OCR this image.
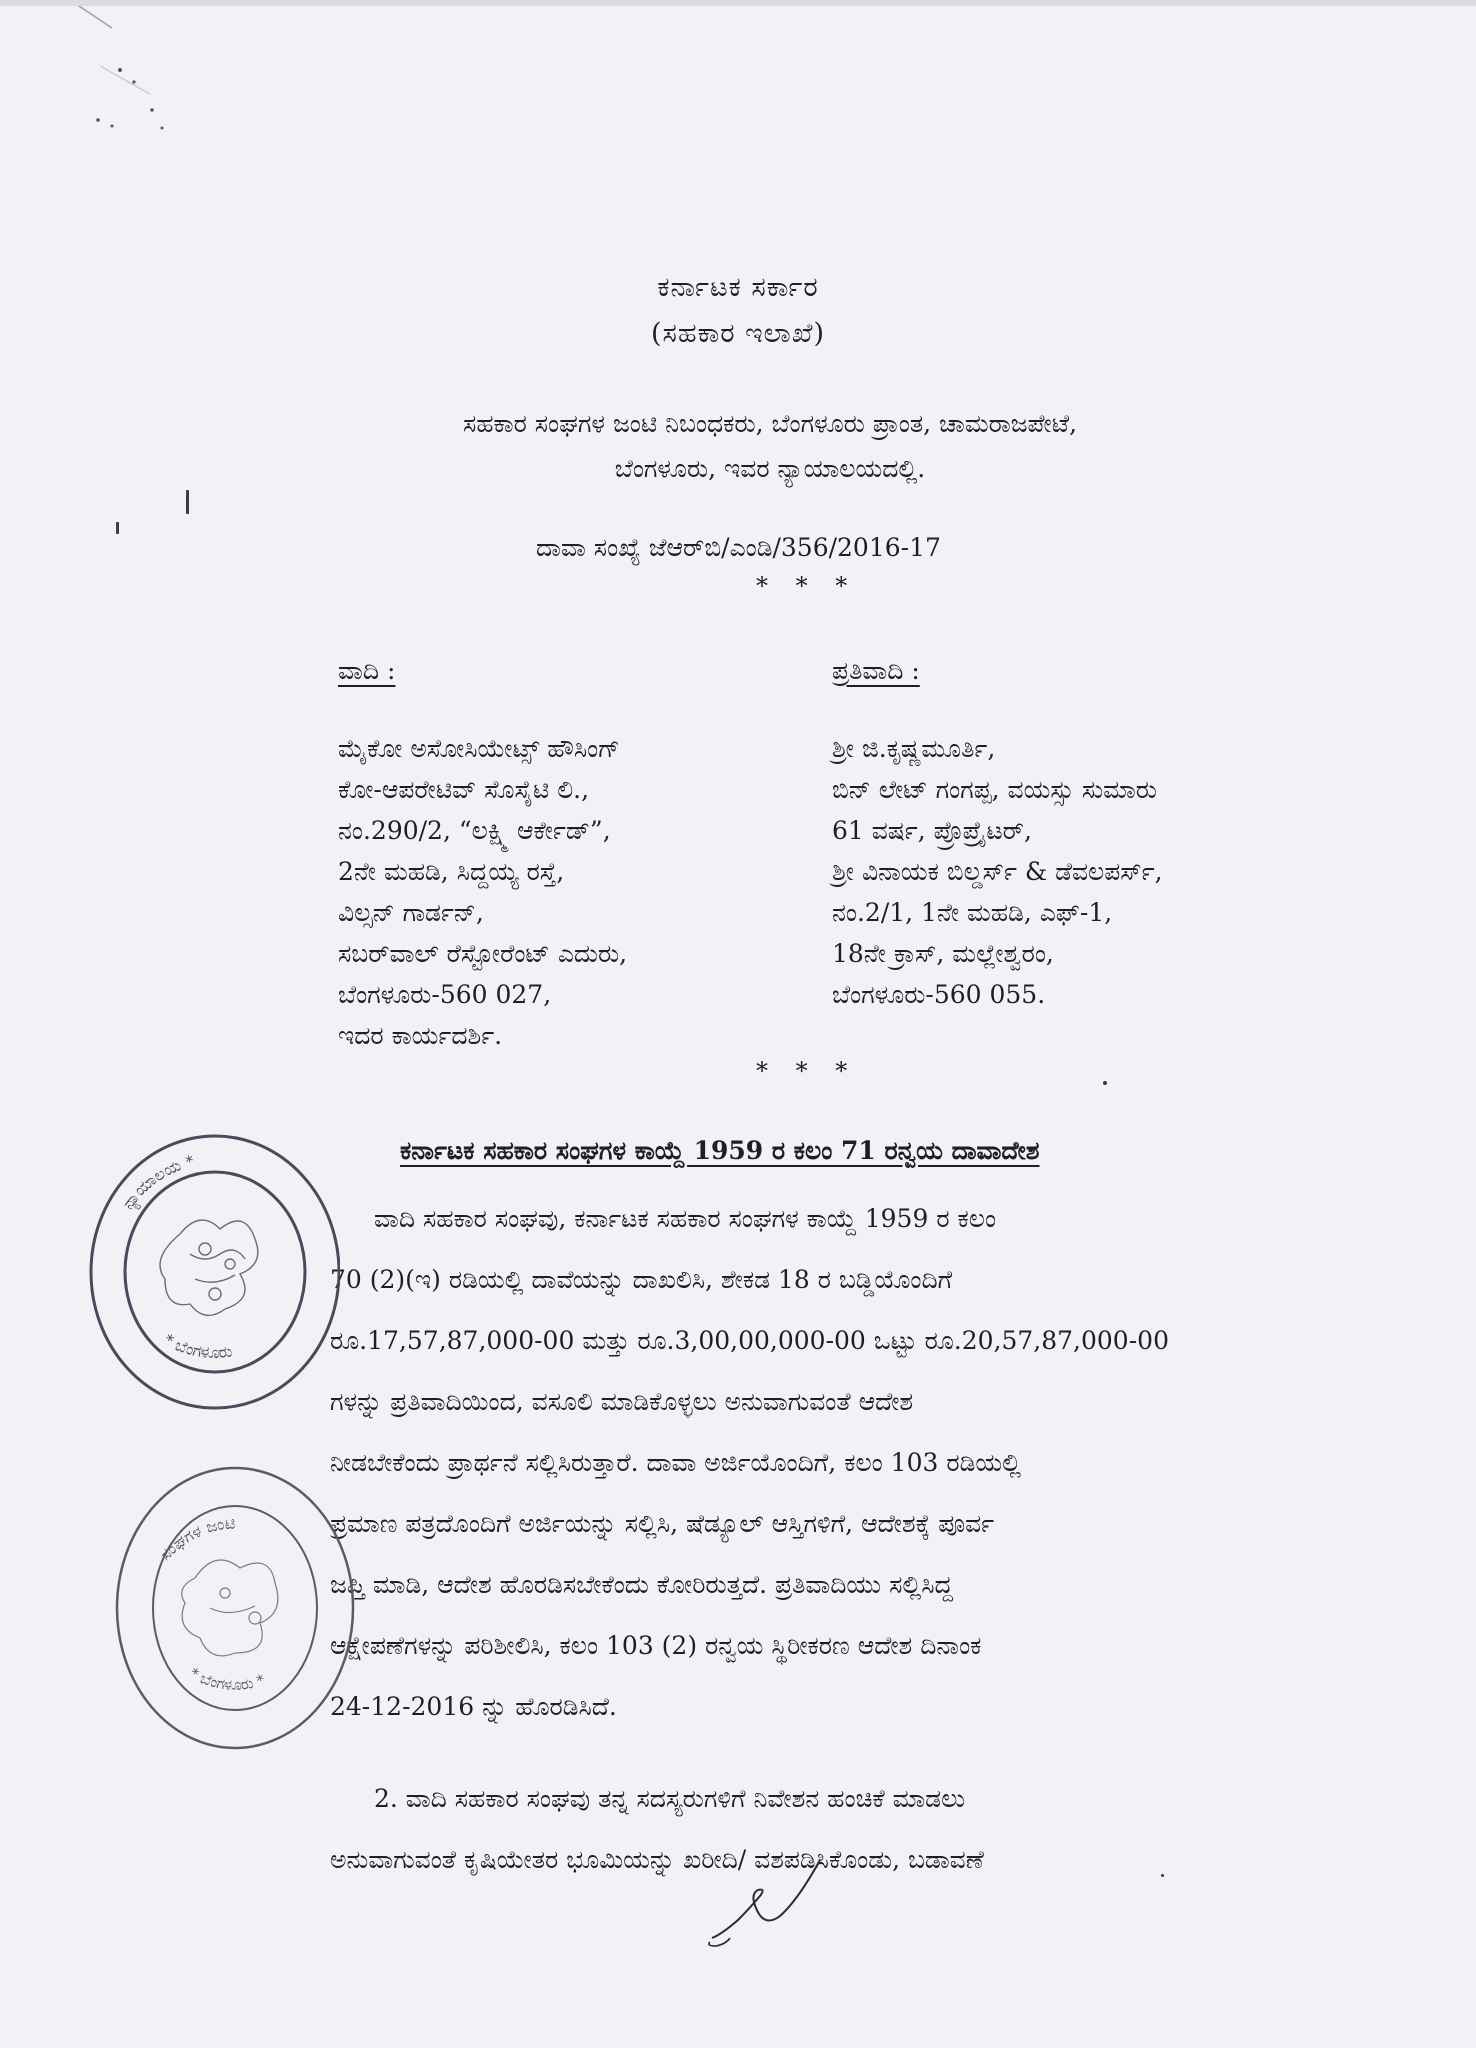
ಕರ್ನಾಟಕ ಸರ್ಕಾರ
(ಸಹಕಾರ ಇಲಾಖೆ)
ಸಹಕಾರ ಸಂಘಗಳ ಜಂಟಿ ನಿಬಂಧಕರು, ಬೆಂಗಳೂರು ಪ್ರಾಂತ, ಚಾಮರಾಜಪೇಟೆ,
ಬೆಂಗಳೂರು, ಇವರ ನ್ಯಾಯಾಲಯದಲ್ಲಿ.
ದಾವಾ ಸಂಖ್ಯೆ ಜೆಆರ್‌ಬಿ/ಎಂಡಿ/356/2016-17
* * *
ವಾದಿ :	ಪ್ರತಿವಾದಿ :
ಮೈಕೋ ಅಸೋಸಿಯೇಟ್ಸ್ ಹೌಸಿಂಗ್
ಕೋ-ಆಪರೇಟಿವ್ ಸೊಸೈಟಿ ಲಿ.,
ನಂ.290/2, “ಲಕ್ಷ್ಮಿ ಆರ್ಕೇಡ್”,
2ನೇ ಮಹಡಿ, ಸಿದ್ದಯ್ಯ ರಸ್ತೆ,
ವಿಲ್ಸನ್ ಗಾರ್ಡನ್,
ಸಬರ್‌ವಾಲ್ ರೆಸ್ಟೋರೆಂಟ್ ಎದುರು,
ಬೆಂಗಳೂರು-560 027,
ಇದರ ಕಾರ್ಯದರ್ಶಿ.
ಶ್ರೀ ಜಿ.ಕೃಷ್ಣಮೂರ್ತಿ,
ಬಿನ್ ಲೇಟ್ ಗಂಗಪ್ಪ, ವಯಸ್ಸು ಸುಮಾರು
61 ವರ್ಷ, ಪ್ರೊಪ್ರೈಟರ್,
ಶ್ರೀ ವಿನಾಯಕ ಬಿಲ್ಡರ್ಸ್ & ಡೆವಲಪರ್ಸ್,
ನಂ.2/1, 1ನೇ ಮಹಡಿ, ಎಫ್-1,
18ನೇ ಕ್ರಾಸ್, ಮಲ್ಲೇಶ್ವರಂ,
ಬೆಂಗಳೂರು-560 055.
* * *
ಕರ್ನಾಟಕ ಸಹಕಾರ ಸಂಘಗಳ ಕಾಯ್ದೆ 1959 ರ ಕಲಂ 71 ರನ್ವಯ ದಾವಾದೇಶ
ವಾದಿ ಸಹಕಾರ ಸಂಘವು, ಕರ್ನಾಟಕ ಸಹಕಾರ ಸಂಘಗಳ ಕಾಯ್ದೆ 1959 ರ ಕಲಂ
70 (2)(ಇ) ರಡಿಯಲ್ಲಿ ದಾವೆಯನ್ನು ದಾಖಲಿಸಿ, ಶೇಕಡ 18 ರ ಬಡ್ಡಿಯೊಂದಿಗೆ
ರೂ.17,57,87,000-00 ಮತ್ತು ರೂ.3,00,00,000-00 ಒಟ್ಟು ರೂ.20,57,87,000-00
ಗಳನ್ನು ಪ್ರತಿವಾದಿಯಿಂದ, ವಸೂಲಿ ಮಾಡಿಕೊಳ್ಳಲು ಅನುವಾಗುವಂತೆ ಆದೇಶ
ನೀಡಬೇಕೆಂದು ಪ್ರಾರ್ಥನೆ ಸಲ್ಲಿಸಿರುತ್ತಾರೆ. ದಾವಾ ಅರ್ಜಿಯೊಂದಿಗೆ, ಕಲಂ 103 ರಡಿಯಲ್ಲಿ
ಪ್ರಮಾಣ ಪತ್ರದೊಂದಿಗೆ ಅರ್ಜಿಯನ್ನು ಸಲ್ಲಿಸಿ, ಷೆಡ್ಯೂಲ್ ಆಸ್ತಿಗಳಿಗೆ, ಆದೇಶಕ್ಕೆ ಪೂರ್ವ
ಜಪ್ತಿ ಮಾಡಿ, ಆದೇಶ ಹೊರಡಿಸಬೇಕೆಂದು ಕೋರಿರುತ್ತದೆ. ಪ್ರತಿವಾದಿಯು ಸಲ್ಲಿಸಿದ್ದ
ಆಕ್ಷೇಪಣೆಗಳನ್ನು ಪರಿಶೀಲಿಸಿ, ಕಲಂ 103 (2) ರನ್ವಯ ಸ್ಥಿರೀಕರಣ ಆದೇಶ ದಿನಾಂಕ
24-12-2016 ನ್ನು ಹೊರಡಿಸಿದೆ.
2. ವಾದಿ ಸಹಕಾರ ಸಂಘವು ತನ್ನ ಸದಸ್ಯರುಗಳಿಗೆ ನಿವೇಶನ ಹಂಚಿಕೆ ಮಾಡಲು
ಅನುವಾಗುವಂತೆ ಕೃಷಿಯೇತರ ಭೂಮಿಯನ್ನು ಖರೀದಿ/ ವಶಪಡಿಸಿಕೊಂಡು, ಬಡಾವಣೆ
ನ್ಯಾಯಾಲಯ *
* ಬೆಂಗಳೂರು
ಸಂಘಗಳ ಜಂಟಿ
* ಬೆಂಗಳೂರು *
